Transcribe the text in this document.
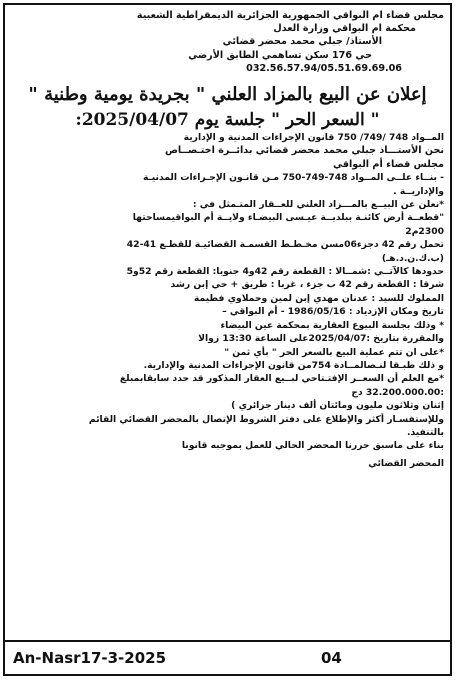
مجلس قضاء ام البواقي الجمهورية الجزائرية الديمقراطية الشعبية
محكمة ام البواقي وزارة العدل
الأستاذ/ جبلي محمد محضر قضائي
حي 176 سكن تساهمي الطابق الأرضي
032.56.57.94/05.51.69.69.06
إعلان عن البيع بالمزاد العلني " بجريدة يومية وطنية "
" السعر الحر " جلسة يوم 2025/04/07:
المــواد 748 /749/ 750 قانون الإجراءات المدنية و الإدارية
نحن الأستـــاذ جبلي محمد محضر قضائي بدائــرة اختـصــاص
مجلس قضاء أم البواقي
- بنــاء علــى المــواد 748-749-750 مـن قانـون الإجـراءات المدنيـة
والإداريــة .
*نعلن عن البيــع بالمـــزاد العلني للعــقار المتـمثل في :
"قطعــة أرض كائنـة ببلديــة عيـسى البيضـاء ولايــة أم البواقيمساحتها
2300م2
تحمل رقم 42 دجزء06مسن مخـطـط القسمـة القضائيـة للقطـع 41-42
(ب.ك.ن.د.هـ)
حدودها كالآتــي :شمــالا : القطعة رقم 42و4 جنوبا: القطعة رقم 52و5
شرقا : القطعة رقم 42 ب جزء ، غربا : طريق + حي إبن رشد
المملوك للسيد : عدنان مهدي إبن لمين وحملاوي فطيمة
تاريخ ومكان الإزدياد : 1986/05/16 - أم البواقي –
* وذلك بجلسة البيوع العقارية بمحكمة عين البيضاء
والمقررة بتاريخ :2025/04/07على الساعة 13:30 زوالا
*على ان تتم عملية البيع بالسعر الحر " بأي ثمن "
و ذلك طبـقا لنـصالمــادة 754من قانون الإجراءات المدنية والإدارية.
*مع العلم أن السعــر الإفتـتاحي لبــيع العقار المذكور قد حدد سابقابمبلغ
:32.200.000.00 دج
إثنان وثلاثون مليون ومائتان ألف دينار جزائري )
وللإستفسـار أكثر والإطلاع على دفتر الشروط الإتصال بالمحضر القضائي القائم
بالتنفيذ.
بناء على ماسبق حررنا المحضر الحالي للعمل بموجبه قانونا
المحضر القضائي
An-Nasr17-3-2025	04
